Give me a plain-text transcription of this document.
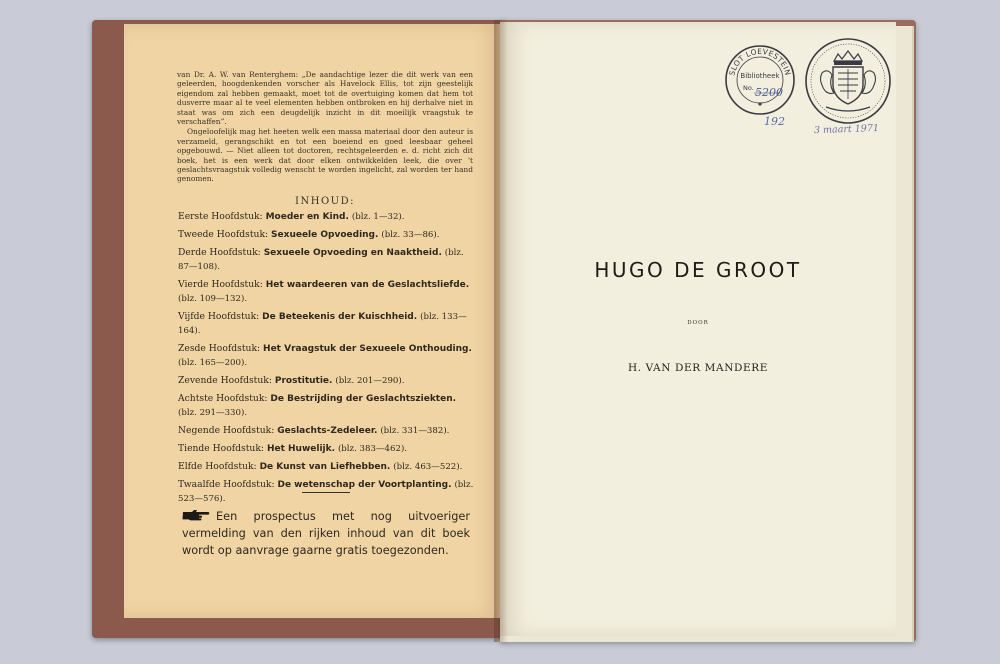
van Dr. A. W. van Renterghem: „De aandachtige lezer die dit werk van een geleerden, hoogdenkenden vorscher als Havelock Ellis, tot zijn geestelijk eigendom zal hebben gemaakt, moet tot de overtuiging komen dat hem tot dusverre maar al te veel elementen hebben ontbroken en hij derhalve niet in staat was om zich een deugdelijk inzicht in dit moeilijk vraagstuk te verschaffen”.

Ongeloofelijk mag het heeten welk een massa materiaal door den auteur is verzameld, gerangschikt en tot een boeiend en goed leesbaar geheel opgebouwd. — Niet alleen tot doctoren, rechtsgeleerden e. d. richt zich dit boek, het is een werk dat door elken ontwikkelden leek, die over 't geslachtsvraagstuk volledig wenscht te worden ingelicht, zal worden ter hand genomen.

INHOUD:
Eerste Hoofdstuk: Moeder en Kind. (blz. 1—32).
Tweede Hoofdstuk: Sexueele Opvoeding. (blz. 33—86).
Derde Hoofdstuk: Sexueele Opvoeding en Naaktheid. (blz. 87—108).
Vierde Hoofdstuk: Het waardeeren van de Geslachtsliefde. (blz. 109—132).
Vijfde Hoofdstuk: De Beteekenis der Kuischheid. (blz. 133—164).
Zesde Hoofdstuk: Het Vraagstuk der Sexueele Onthouding. (blz. 165—200).
Zevende Hoofdstuk: Prostitutie. (blz. 201—290).
Achtste Hoofdstuk: De Bestrijding der Geslachtsziekten. (blz. 291—330).
Negende Hoofdstuk: Geslachts-Zedeleer. (blz. 331—382).
Tiende Hoofdstuk: Het Huwelijk. (blz. 383—462).
Elfde Hoofdstuk: De Kunst van Liefhebben. (blz. 463—522).
Twaalfde Hoofdstuk: De wetenschap der Voortplanting. (blz. 523—576).
Een prospectus met nog uitvoeriger vermelding van den rijken inhoud van dit boek wordt op aanvrage gaarne gratis toegezonden.
HUGO DE GROOT
DOOR
H. VAN DER MANDERE
SLOT LOEVESTEIN
Bibliotheek
No. 5200
192
3 maart 1971
